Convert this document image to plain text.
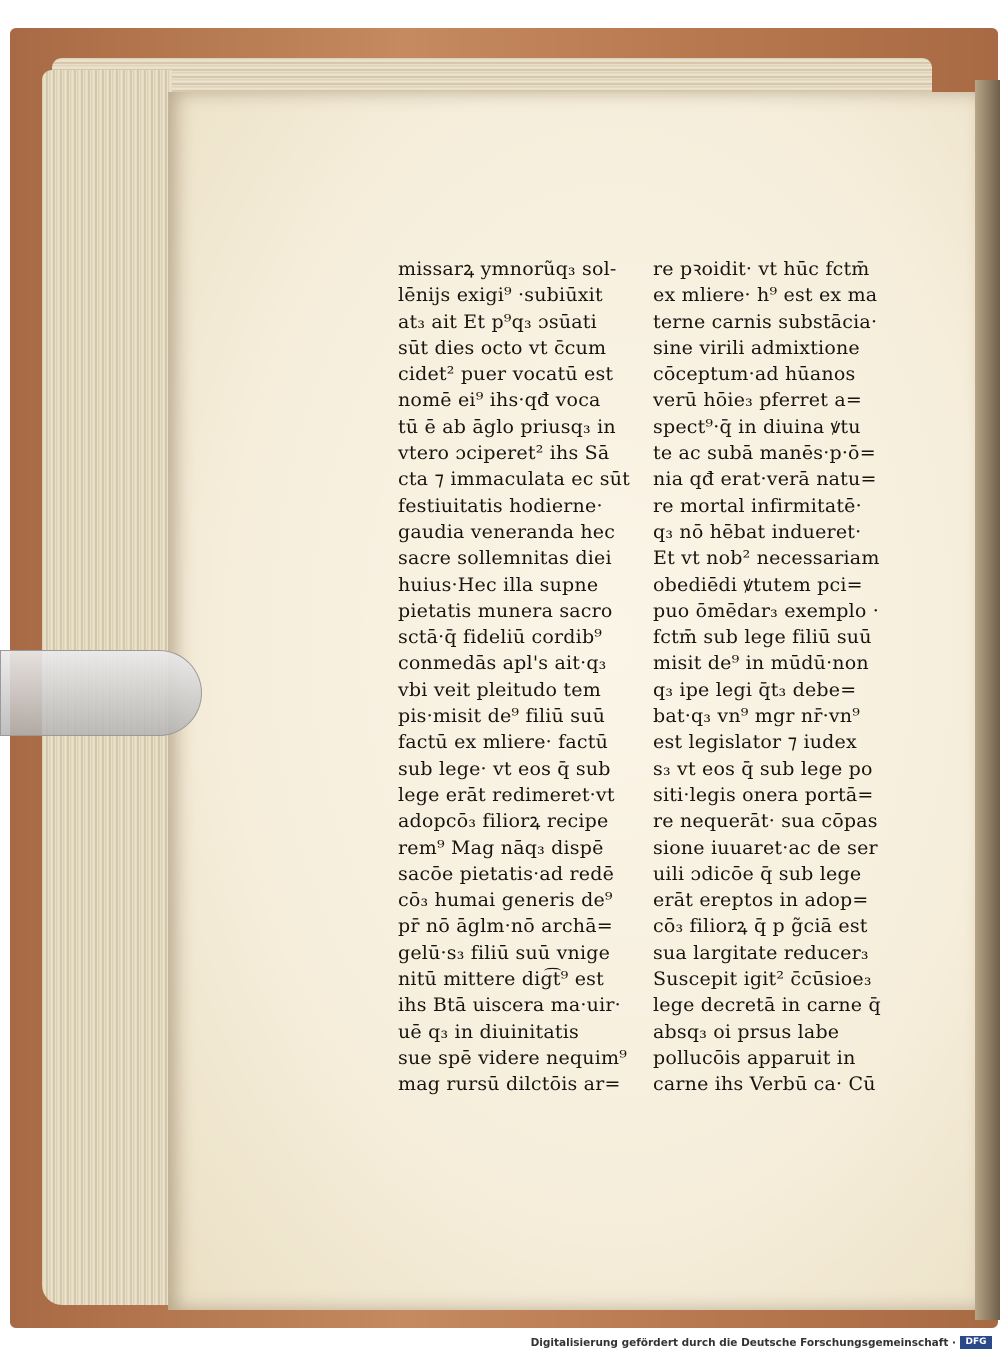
missarꝝ ymnorũq₃ sol-
lēnijs exigi⁹ ·subiūxit
at₃ ait Et p⁹q₃ ɔsūati
sūt dies octo vt c̄cum
cidet² puer vocatū est
nomē ei⁹ ihs·qđ voca
tū ē ab āglo priusq₃ in
vtero ɔciperet² ihs Sā
cta ⁊ immaculata ec sūt
festiuitatis hodierne·
gaudia veneranda hec
sacre sollemnitas diei
huius·Hec illa supne
pietatis munera sacro
sctā·q̄ fideliū cordib⁹
conmedās apl's ait·q₃
vbi veit pleitudo tem
pis·misit de⁹ filiū suū
factū ex mliere· factū
sub lege· vt eos q̄ sub
lege erāt redimeret·vt
adopcō₃ filiorꝝ recipe
rem⁹ Mag nāq₃ dispē
sacōe pietatis·ad redē
cō₃ humai generis de⁹
pr̄ nō āglm·nō archā=
gelū·s₃ filiū suū vnige
nitū mittere dig͡t⁹ est
ihs Btā uiscera ma·uir·
uē q₃ in diuinitatis
sue spē videre nequim⁹
mag rursū dilctōis ar=
re pꝛoidit· vt hūc fctm̄
ex mliere· h⁹ est ex ma
terne carnis substācia·
sine virili admixtione
cōceptum·ad hūanos
verū hōie₃ pferret a=
spect⁹·q̄ in diuina ꝟtu
te ac subā manēs·p·ō=
nia qđ erat·verā natu=
re mortal infirmitatē·
q₃ nō hēbat indueret·
Et vt nob² necessariam
obediēdi ꝟtutem pci=
puo ōmēdar₃ exemplo ·
fctm̄ sub lege filiū suū
misit de⁹ in mūdū·non
q₃ ipe legi q̄t₃ debe=
bat·q₃ vn⁹ mgr nr̄·vn⁹
est legislator ⁊ iudex
s₃ vt eos q̄ sub lege po
siti·legis onera portā=
re nequerāt· sua cōpas
sione iuuaret·ac de ser
uili ɔdicōe q̄ sub lege
erāt ereptos in adop=
cō₃ filiorꝝ q̄ p g̃ciā est
sua largitate reducer₃
Suscepit igit² c̄cūsioe₃
lege decretā in carne q̄
absq₃ oi prsus labe
pollucōis apparuit in
carne ihs Verbū ca· Cū
Digitalisierung gefördert durch die Deutsche Forschungsgemeinschaft ·	DFG
